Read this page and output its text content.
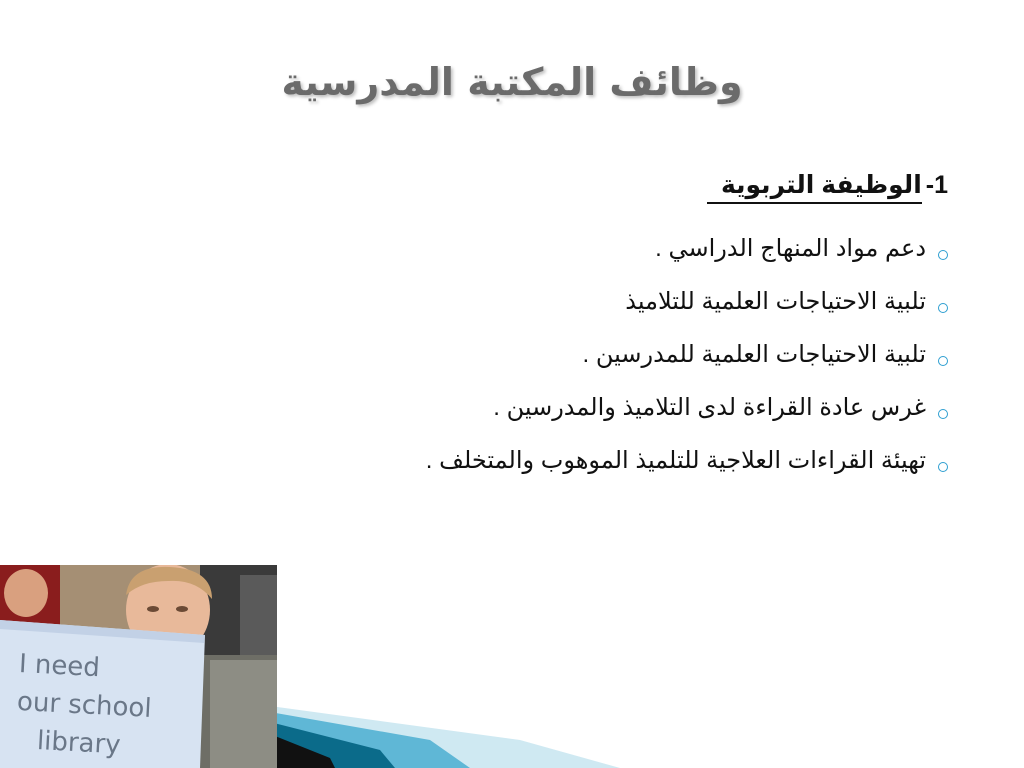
وظائف المكتبة المدرسية
1
-
الوظيفة التربوية
دعم مواد المنهاج الدراسي .
تلبية الاحتياجات العلمية للتلاميذ
تلبية الاحتياجات العلمية للمدرسين .
غرس عادة القراءة لدى التلاميذ والمدرسين .
تهيئة القراءات العلاجية للتلميذ الموهوب والمتخلف .
I need
our school
library
